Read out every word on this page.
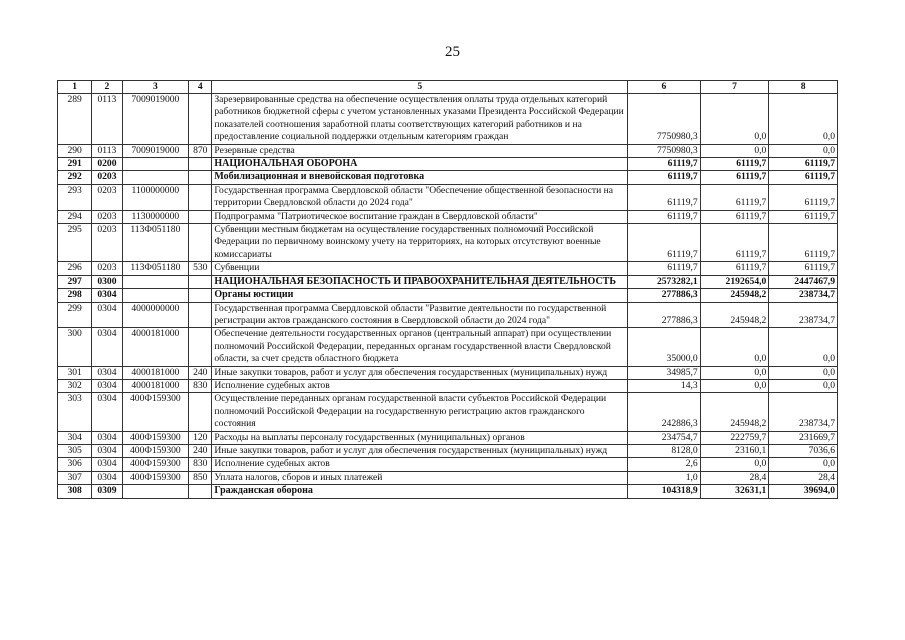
25
1	2	3	4	5	6	7	8
289	0113	7009019000		Зарезервированные средства на обеспечение осуществления оплаты труда отдельных категорий работников бюджетной сферы с учетом установленных указами Президента Российской Федерации показателей соотношения заработной платы соответствующих категорий работников и на предоставление социальной поддержки отдельным категориям граждан	7750980,3	0,0	0,0
290	0113	7009019000	870	Резервные средства	7750980,3	0,0	0,0
291	0200			НАЦИОНАЛЬНАЯ ОБОРОНА	61119,7	61119,7	61119,7
292	0203			Мобилизационная и вневойсковая подготовка	61119,7	61119,7	61119,7
293	0203	1100000000		Государственная программа Свердловской области "Обеспечение общественной безопасности на территории Свердловской области до 2024 года"	61119,7	61119,7	61119,7
294	0203	1130000000		Подпрограмма "Патриотическое воспитание граждан в Свердловской области"	61119,7	61119,7	61119,7
295	0203	113Ф051180		Субвенции местным бюджетам на осуществление государственных полномочий Российской Федерации по первичному воинскому учету на территориях, на которых отсутствуют военные комиссариаты	61119,7	61119,7	61119,7
296	0203	113Ф051180	530	Субвенции	61119,7	61119,7	61119,7
297	0300			НАЦИОНАЛЬНАЯ БЕЗОПАСНОСТЬ И ПРАВООХРАНИТЕЛЬНАЯ ДЕЯТЕЛЬНОСТЬ	2573282,1	2192654,0	2447467,9
298	0304			Органы юстиции	277886,3	245948,2	238734,7
299	0304	4000000000		Государственная программа Свердловской области "Развитие деятельности по государственной регистрации актов гражданского состояния в Свердловской области до 2024 года"	277886,3	245948,2	238734,7
300	0304	4000181000		Обеспечение деятельности государственных органов (центральный аппарат) при осуществлении полномочий Российской Федерации, переданных органам государственной власти Свердловской области, за счет средств областного бюджета	35000,0	0,0	0,0
301	0304	4000181000	240	Иные закупки товаров, работ и услуг для обеспечения государственных (муниципальных) нужд	34985,7	0,0	0,0
302	0304	4000181000	830	Исполнение судебных актов	14,3	0,0	0,0
303	0304	400Ф159300		Осуществление переданных органам государственной власти субъектов Российской Федерации полномочий Российской Федерации на государственную регистрацию актов гражданского состояния	242886,3	245948,2	238734,7
304	0304	400Ф159300	120	Расходы на выплаты персоналу государственных (муниципальных) органов	234754,7	222759,7	231669,7
305	0304	400Ф159300	240	Иные закупки товаров, работ и услуг для обеспечения государственных (муниципальных) нужд	8128,0	23160,1	7036,6
306	0304	400Ф159300	830	Исполнение судебных актов	2,6	0,0	0,0
307	0304	400Ф159300	850	Уплата налогов, сборов и иных платежей	1,0	28,4	28,4
308	0309			Гражданская оборона	104318,9	32631,1	39694,0
